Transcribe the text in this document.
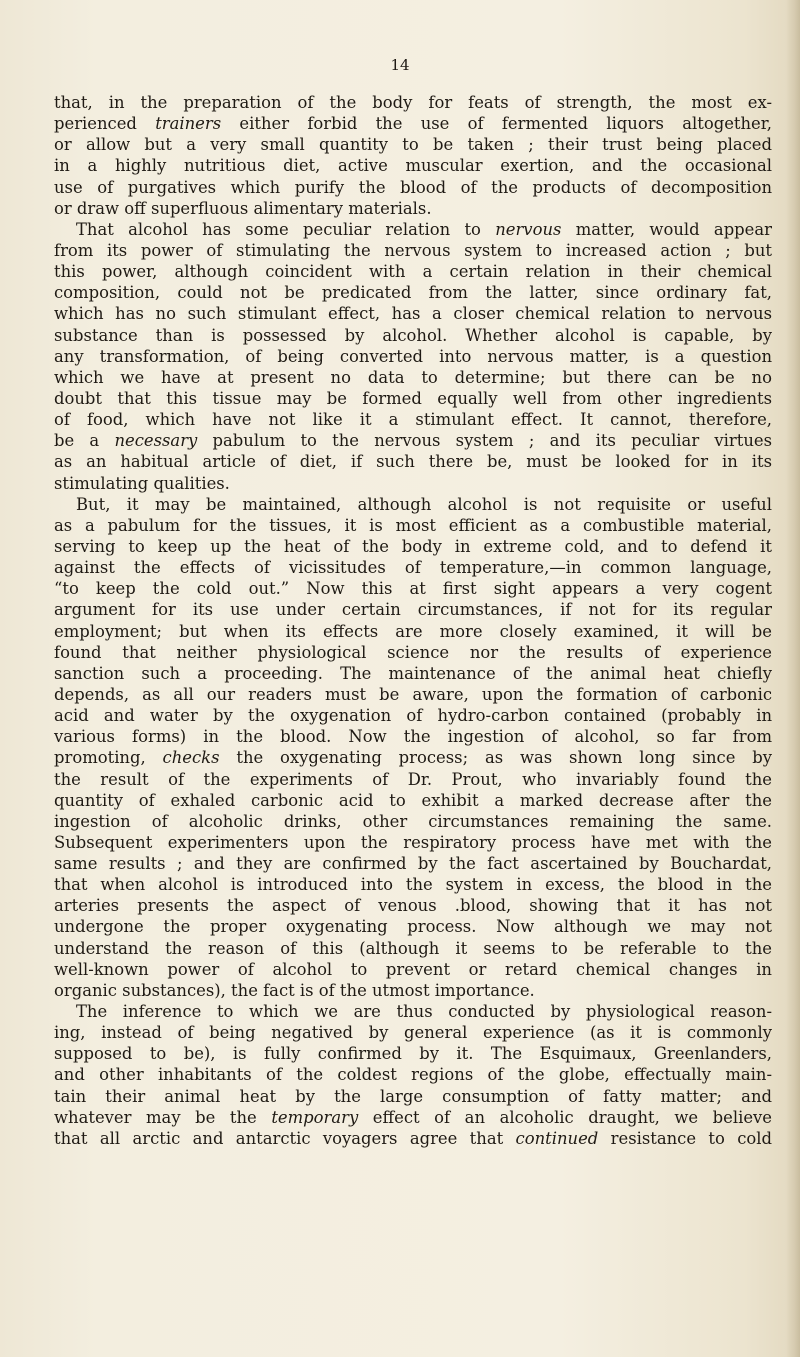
14
that, in the preparation of the body for feats of strength, the most ex-
perienced trainers either forbid the use of fermented liquors altogether,
or allow but a very small quantity to be taken ; their trust being placed
in a highly nutritious diet, active muscular exertion, and the occasional
use of purgatives which purify the blood of the products of decomposition
or draw off superfluous alimentary materials.
That alcohol has some peculiar relation to nervous matter, would appear
from its power of stimulating the nervous system to increased action ; but
this power, although coincident with a certain relation in their chemical
composition, could not be predicated from the latter, since ordinary fat,
which has no such stimulant effect, has a closer chemical relation to nervous
substance than is possessed by alcohol. Whether alcohol is capable, by
any transformation, of being converted into nervous matter, is a question
which we have at present no data to determine; but there can be no
doubt that this tissue may be formed equally well from other ingredients
of food, which have not like it a stimulant effect. It cannot, therefore,
be a necessary pabulum to the nervous system ; and its peculiar virtues
as an habitual article of diet, if such there be, must be looked for in its
stimulating qualities.
But, it may be maintained, although alcohol is not requisite or useful
as a pabulum for the tissues, it is most efficient as a combustible material,
serving to keep up the heat of the body in extreme cold, and to defend it
against the effects of vicissitudes of temperature,—in common language,
“to keep the cold out.” Now this at first sight appears a very cogent
argument for its use under certain circumstances, if not for its regular
employment; but when its effects are more closely examined, it will be
found that neither physiological science nor the results of experience
sanction such a proceeding. The maintenance of the animal heat chiefly
depends, as all our readers must be aware, upon the formation of carbonic
acid and water by the oxygenation of hydro-carbon contained (probably in
various forms) in the blood. Now the ingestion of alcohol, so far from
promoting, checks the oxygenating process; as was shown long since by
the result of the experiments of Dr. Prout, who invariably found the
quantity of exhaled carbonic acid to exhibit a marked decrease after the
ingestion of alcoholic drinks, other circumstances remaining the same.
Subsequent experimenters upon the respiratory process have met with the
same results ; and they are confirmed by the fact ascertained by Bouchardat,
that when alcohol is introduced into the system in excess, the blood in the
arteries presents the aspect of venous .blood, showing that it has not
undergone the proper oxygenating process. Now although we may not
understand the reason of this (although it seems to be referable to the
well-known power of alcohol to prevent or retard chemical changes in
organic substances), the fact is of the utmost importance.
The inference to which we are thus conducted by physiological reason-
ing, instead of being negatived by general experience (as it is commonly
supposed to be), is fully confirmed by it. The Esquimaux, Greenlanders,
and other inhabitants of the coldest regions of the globe, effectually main-
tain their animal heat by the large consumption of fatty matter; and
whatever may be the temporary effect of an alcoholic draught, we believe
that all arctic and antarctic voyagers agree that continued resistance to cold
